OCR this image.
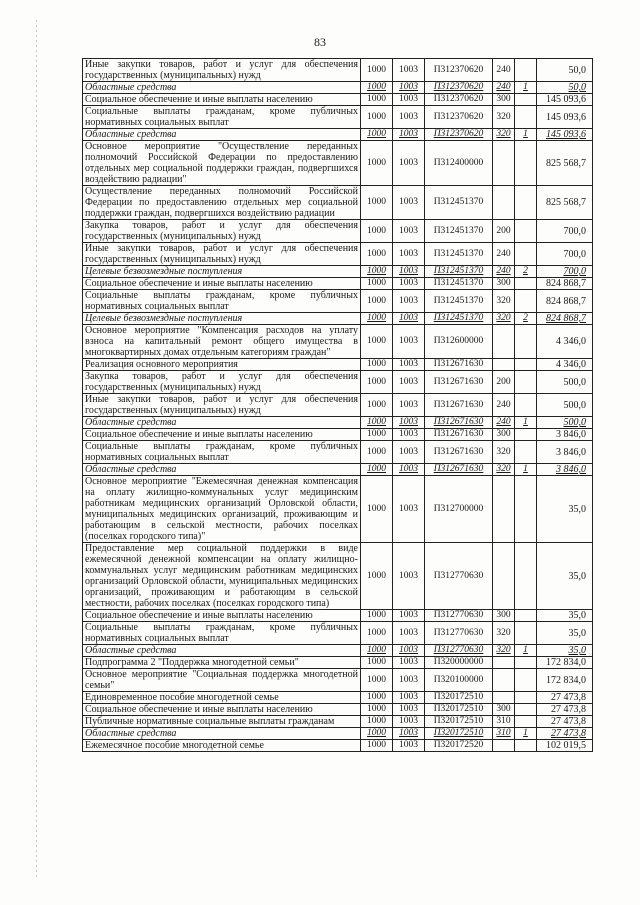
83
Иные закупки товаров, работ и услуг для обеспечения государственных (муниципальных) нужд	1000	1003	П312370620	240		50,0
Областные средства	1000	1003	П312370620	240	1	50,0
Социальное обеспечение и иные выплаты населению	1000	1003	П312370620	300		145 093,6
Социальные выплаты гражданам, кроме публичных нормативных социальных выплат	1000	1003	П312370620	320		145 093,6
Областные средства	1000	1003	П312370620	320	1	145 093,6
Основное мероприятие "Осуществление переданных полномочий Российской Федерации по предоставлению отдельных мер социальной поддержки граждан, подвергшихся воздействию радиации"	1000	1003	П312400000			825 568,7
Осуществление переданных полномочий Российской Федерации по предоставлению отдельных мер социальной поддержки граждан, подвергшихся воздействию радиации	1000	1003	П312451370			825 568,7
Закупка товаров, работ и услуг для обеспечения государственных (муниципальных) нужд	1000	1003	П312451370	200		700,0
Иные закупки товаров, работ и услуг для обеспечения государственных (муниципальных) нужд	1000	1003	П312451370	240		700,0
Целевые безвозмездные поступления	1000	1003	П312451370	240	2	700,0
Социальное обеспечение и иные выплаты населению	1000	1003	П312451370	300		824 868,7
Социальные выплаты гражданам, кроме публичных нормативных социальных выплат	1000	1003	П312451370	320		824 868,7
Целевые безвозмездные поступления	1000	1003	П312451370	320	2	824 868,7
Основное мероприятие "Компенсация расходов на уплату взноса на капитальный ремонт общего имущества в многоквартирных домах отдельным категориям граждан"	1000	1003	П312600000			4 346,0
Реализация основного мероприятия	1000	1003	П312671630			4 346,0
Закупка товаров, работ и услуг для обеспечения государственных (муниципальных) нужд	1000	1003	П312671630	200		500,0
Иные закупки товаров, работ и услуг для обеспечения государственных (муниципальных) нужд	1000	1003	П312671630	240		500,0
Областные средства	1000	1003	П312671630	240	1	500,0
Социальное обеспечение и иные выплаты населению	1000	1003	П312671630	300		3 846,0
Социальные выплаты гражданам, кроме публичных нормативных социальных выплат	1000	1003	П312671630	320		3 846,0
Областные средства	1000	1003	П312671630	320	1	3 846,0
Основное мероприятие "Ежемесячная денежная компенсация на оплату жилищно-коммунальных услуг медицинским работникам медицинских организаций Орловской области, муниципальных медицинских организаций, проживающим и работающим в сельской местности, рабочих поселках (поселках городского типа)"	1000	1003	П312700000			35,0
Предоставление мер социальной поддержки в виде ежемесячной денежной компенсации на оплату жилищно-коммунальных услуг медицинским работникам медицинских организаций Орловской области, муниципальных медицинских организаций, проживающим и работающим в сельской местности, рабочих поселках (поселках городского типа)	1000	1003	П312770630			35,0
Социальное обеспечение и иные выплаты населению	1000	1003	П312770630	300		35,0
Социальные выплаты гражданам, кроме публичных нормативных социальных выплат	1000	1003	П312770630	320		35,0
Областные средства	1000	1003	П312770630	320	1	35,0
Подпрограмма 2 "Поддержка многодетной семьи"	1000	1003	П320000000			172 834,0
Основное мероприятие "Социальная поддержка многодетной семьи"	1000	1003	П320100000			172 834,0
Единовременное пособие многодетной семье	1000	1003	П320172510			27 473,8
Социальное обеспечение и иные выплаты населению	1000	1003	П320172510	300		27 473,8
Публичные нормативные социальные выплаты гражданам	1000	1003	П320172510	310		27 473,8
Областные средства	1000	1003	П320172510	310	1	27 473,8
Ежемесячное пособие многодетной семье	1000	1003	П320172520			102 019,5
